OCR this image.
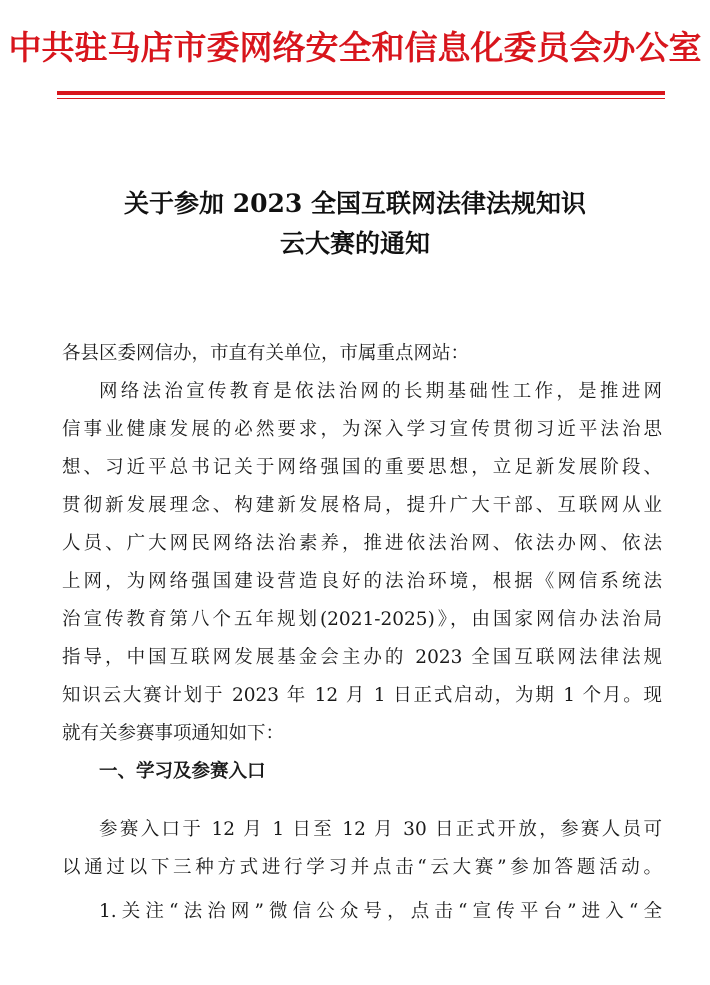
中共驻马店市委网络安全和信息化委员会办公室
关于参加 2023 全国互联网法律法规知识
云大赛的通知
各县区委网信办，市直有关单位，市属重点网站：
网络法治宣传教育是依法治网的长期基础性工作，是推进网
信事业健康发展的必然要求，为深入学习宣传贯彻习近平法治思
想、习近平总书记关于网络强国的重要思想，立足新发展阶段、
贯彻新发展理念、构建新发展格局，提升广大干部、互联网从业
人员、广大网民网络法治素养，推进依法治网、依法办网、依法
上网，为网络强国建设营造良好的法治环境，根据《网信系统法
治宣传教育第八个五年规划(2021-2025)》，由国家网信办法治局
指导，中国互联网发展基金会主办的 2023 全国互联网法律法规
知识云大赛计划于 2023 年 12 月 1 日正式启动，为期 1 个月。现
就有关参赛事项通知如下：
一、学习及参赛入口
参赛入口于 12 月 1 日至 12 月 30 日正式开放，参赛人员可
以通过以下三种方式进行学习并点击“云大赛”参加答题活动。
1.关注“法治网”微信公众号，点击“宣传平台”进入“全
